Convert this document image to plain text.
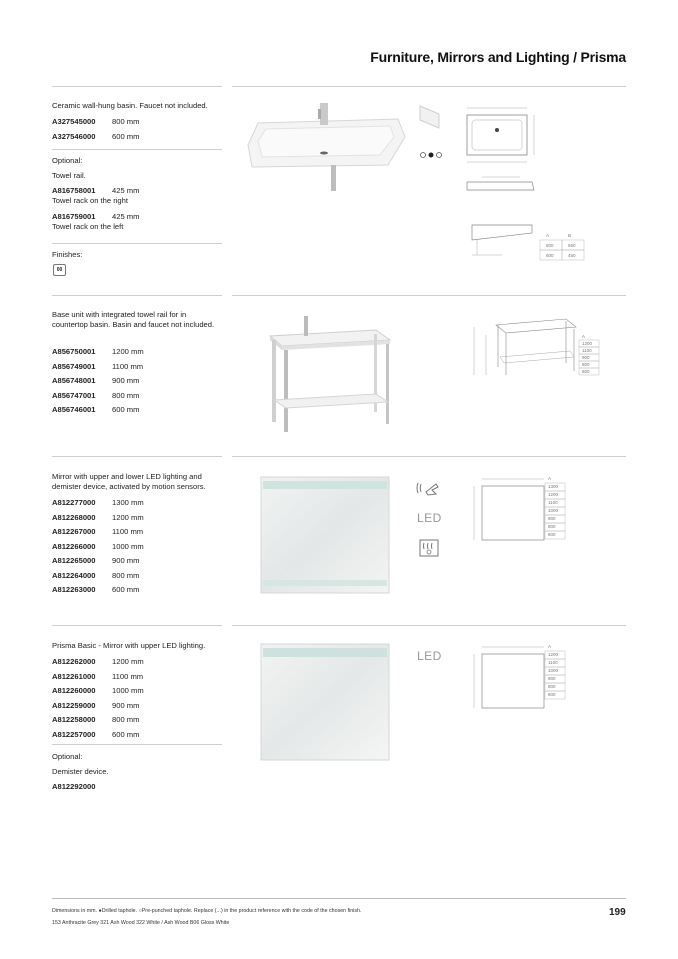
Furniture, Mirrors and Lighting / Prisma
Ceramic wall-hung basin. Faucet not included.
A327545000 800 mm
A327546000 600 mm
Optional:
Towel rail.
A816758001 425 mm
Towel rack on the right
A816759001 425 mm
Towel rack on the left
Finishes:
00
A
800
600
B
550
450
Base unit with integrated towel rail for in countertop basin. Basin and faucet not included.
A856750001 1200 mm
A856749001 1100 mm
A856748001 900 mm
A856747001 800 mm
A856746001 600 mm
A
1200
1100
900
800
600
Mirror with upper and lower LED lighting and demister device, activated by motion sensors.
A812277000 1300 mm
A812268000 1200 mm
A812267000 1100 mm
A812266000 1000 mm
A812265000 900 mm
A812264000 800 mm
A812263000 600 mm
LED
A
1300
1200
1100
1000
900
800
600
Prisma Basic - Mirror with upper LED lighting.
A812262000 1200 mm
A812261000 1100 mm
A812260000 1000 mm
A812259000 900 mm
A812258000 800 mm
A812257000 600 mm
Optional:
Demister device.
A812292000
LED
A
1200
1100
1000
900
800
600
Dimensions in mm. ●Drilled taphole. ○Pre-punched taphole. Replace (...) in the product reference with the code of the chosen finish.
153 Anthracite Grey 321 Ash Wood 322 White / Ash Wood B06 Gloss White
199
